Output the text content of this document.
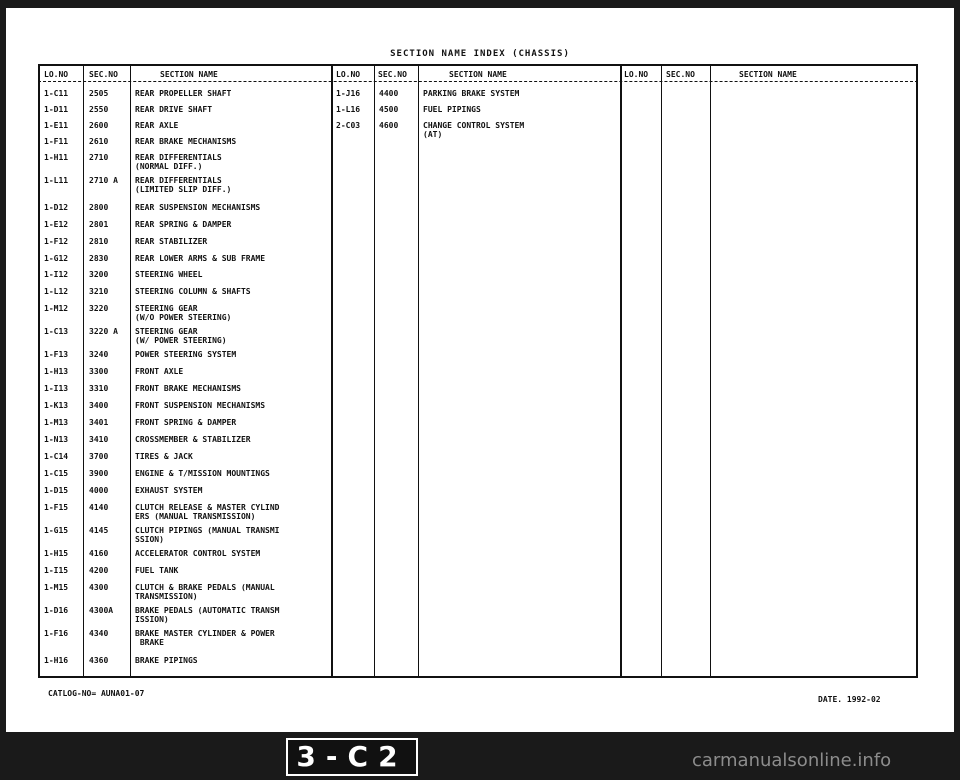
SECTION NAME INDEX (CHASSIS)
LO.NO	SEC.NO	SECTION NAME	LO.NO SEC.NO	SECTION NAME	LO.NO SEC.NO	SECTION NAME
1-C11	2505	REAR PROPELLER SHAFT
1-D11	2550	REAR DRIVE SHAFT
1-E11	2600	REAR AXLE
1-F11	2610	REAR BRAKE MECHANISMS
1-H11	2710	REAR DIFFERENTIALS
(NORMAL DIFF.)
1-L11	2710 A REAR DIFFERENTIALS
(LIMITED SLIP DIFF.)
1-D12	2800	REAR SUSPENSION MECHANISMS
1-E12	2801	REAR SPRING & DAMPER
1-F12	2810	REAR STABILIZER
1-G12	2830	REAR LOWER ARMS & SUB FRAME
1-I12	3200	STEERING WHEEL
1-L12	3210	STEERING COLUMN & SHAFTS
1-M12	3220	STEERING GEAR
(W/O POWER STEERING)
1-C13	3220 A STEERING GEAR
(W/ POWER STEERING)
1-F13	3240	POWER STEERING SYSTEM
1-H13	3300	FRONT AXLE
1-I13	3310	FRONT BRAKE MECHANISMS
1-K13	3400	FRONT SUSPENSION MECHANISMS
1-M13	3401	FRONT SPRING & DAMPER
1-N13	3410	CROSSMEMBER & STABILIZER
1-C14	3700	TIRES & JACK
1-C15	3900	ENGINE & T/MISSION MOUNTINGS
1-D15	4000	EXHAUST SYSTEM
1-F15	4140	CLUTCH RELEASE & MASTER CYLIND
ERS (MANUAL TRANSMISSION)
1-G15	4145	CLUTCH PIPINGS (MANUAL TRANSMI
SSION)
1-H15	4160	ACCELERATOR CONTROL SYSTEM
1-I15	4200	FUEL TANK
1-M15	4300	CLUTCH & BRAKE PEDALS (MANUAL
TRANSMISSION)
1-D16	4300A	BRAKE PEDALS (AUTOMATIC TRANSM
ISSION)
1-F16	4340	BRAKE MASTER CYLINDER & POWER
BRAKE
1-H16	4360	BRAKE PIPINGS
1-J16 4400	PARKING BRAKE SYSTEM
1-L16 4500	FUEL PIPINGS
2-C03 4600	CHANGE CONTROL SYSTEM
(AT)
CATLOG-NO= AUNA01-07
DATE. 1992-02
3-C2	carmanualsonline.info
